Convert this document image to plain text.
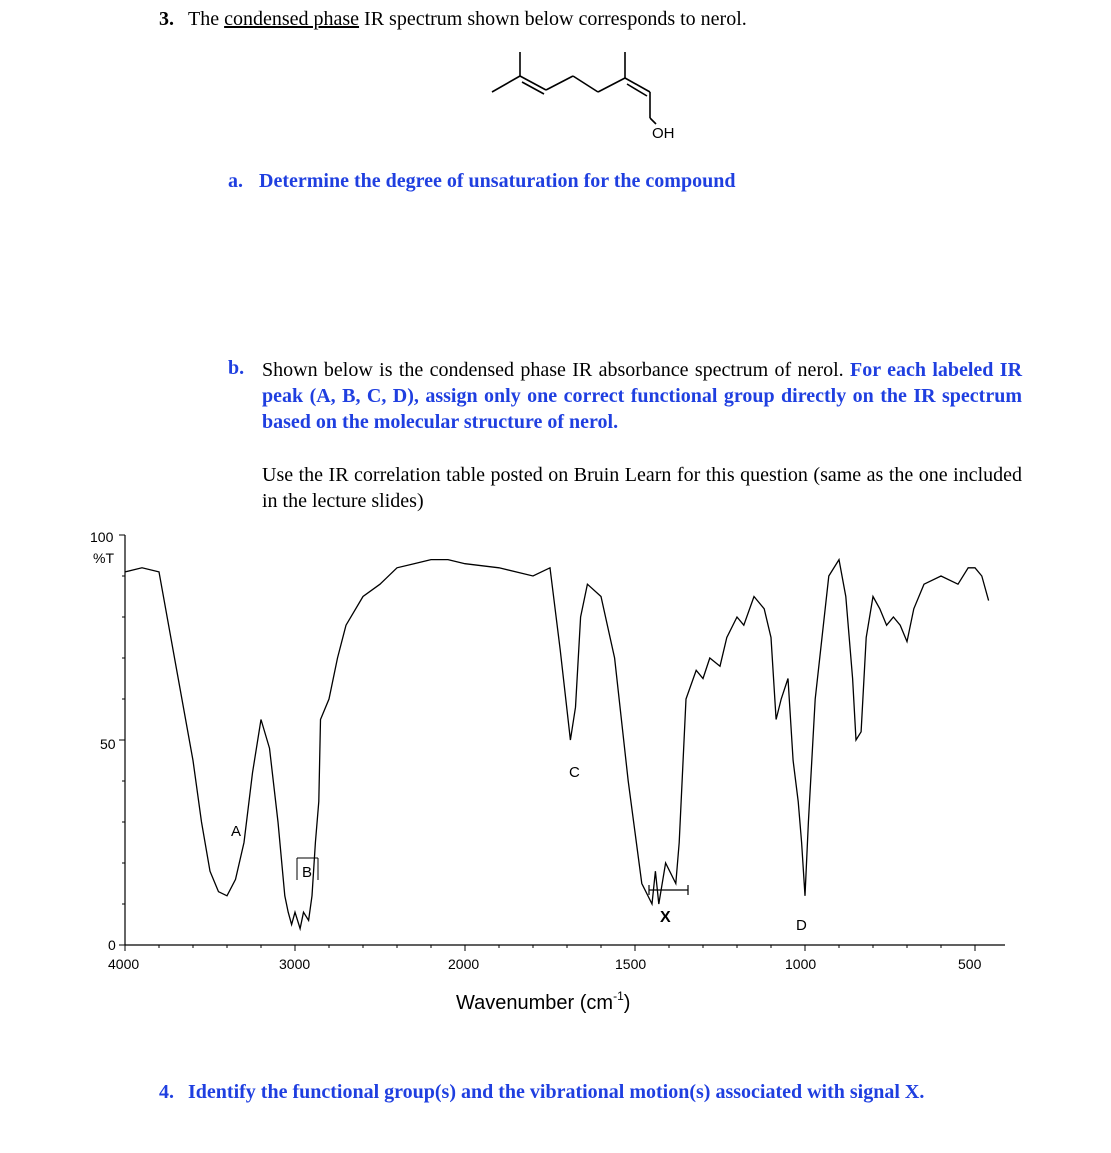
3. The condensed phase IR spectrum shown below corresponds to nerol.
OH
a. Determine the degree of unsaturation for the compound
b. Shown below is the condensed phase IR absorbance spectrum of nerol. For each labeled IR peak (A, B, C, D), assign only one correct functional group directly on the IR spectrum based on the molecular structure of nerol.
Use the IR correlation table posted on Bruin Learn for this question (same as the one included in the lecture slides)
100
%T
50
0
4000	3000	2000	1500	1000	500
Wavenumber $(cm^{-1})$
A
B
C
X	D
4. Identify the functional group(s) and the vibrational motion(s) associated with signal X.
